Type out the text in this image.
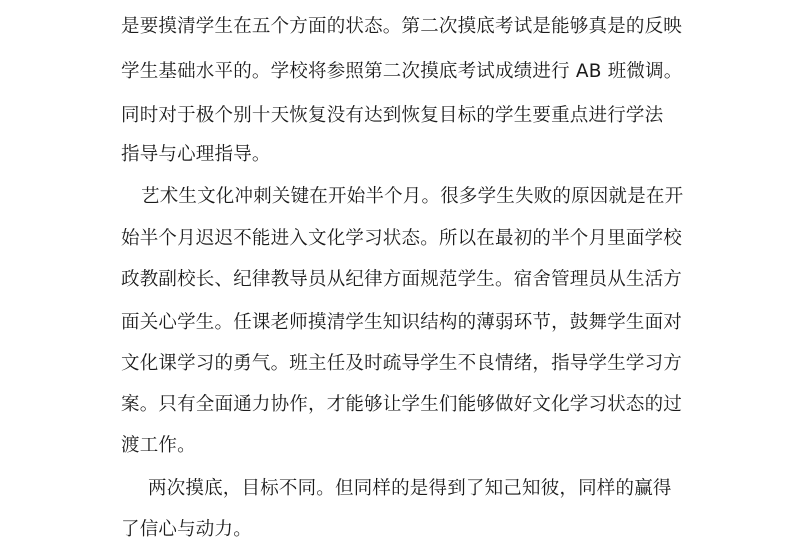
是要摸清学生在五个方面的状态。第二次摸底考试是能够真是的反映
学生基础水平的。学校将参照第二次摸底考试成绩进行 AB 班微调。
同时对于极个别十天恢复没有达到恢复目标的学生要重点进行学法
指导与心理指导。
艺术生文化冲刺关键在开始半个月。很多学生失败的原因就是在开
始半个月迟迟不能进入文化学习状态。所以在最初的半个月里面学校
政教副校长、纪律教导员从纪律方面规范学生。宿舍管理员从生活方
面关心学生。任课老师摸清学生知识结构的薄弱环节，鼓舞学生面对
文化课学习的勇气。班主任及时疏导学生不良情绪，指导学生学习方
案。只有全面通力协作，才能够让学生们能够做好文化学习状态的过
渡工作。
两次摸底，目标不同。但同样的是得到了知己知彼，同样的赢得
了信心与动力。
